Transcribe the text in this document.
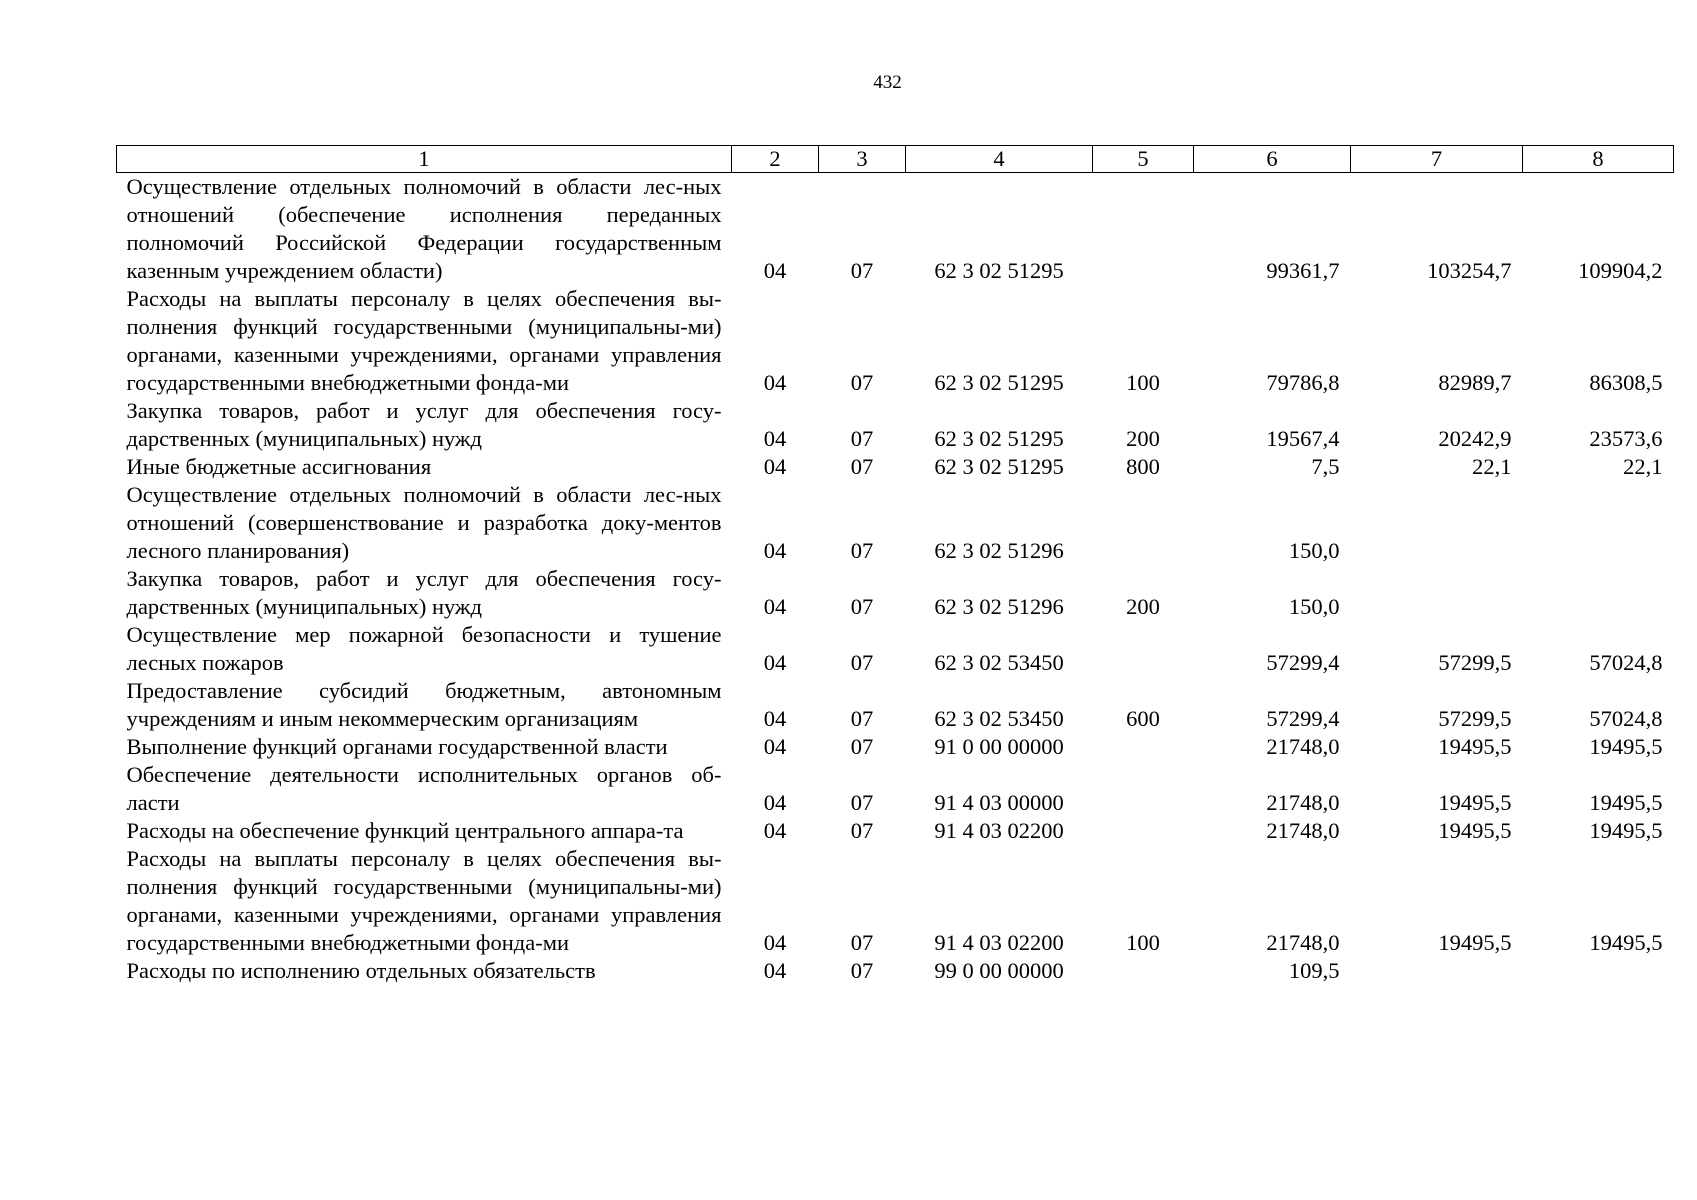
432
1	2	3	4	5	6	7	8
Осуществление отдельных полномочий в области лес-ных отношений (обеспечение исполнения переданных полномочий Российской Федерации государственным казенным учреждением области)	04	07	62 3 02 51295		99361,7	103254,7	109904,2
Расходы на выплаты персоналу в целях обеспечения вы-полнения функций государственными (муниципальны-ми) органами, казенными учреждениями, органами управления государственными внебюджетными фонда-ми	04	07	62 3 02 51295	100	79786,8	82989,7	86308,5
Закупка товаров, работ и услуг для обеспечения госу-дарственных (муниципальных) нужд	04	07	62 3 02 51295	200	19567,4	20242,9	23573,6
Иные бюджетные ассигнования	04	07	62 3 02 51295	800	7,5	22,1	22,1
Осуществление отдельных полномочий в области лес-ных отношений (совершенствование и разработка доку-ментов лесного планирования)	04	07	62 3 02 51296		150,0		
Закупка товаров, работ и услуг для обеспечения госу-дарственных (муниципальных) нужд	04	07	62 3 02 51296	200	150,0		
Осуществление мер пожарной безопасности и тушение лесных пожаров	04	07	62 3 02 53450		57299,4	57299,5	57024,8
Предоставление субсидий бюджетным, автономным учреждениям и иным некоммерческим организациям	04	07	62 3 02 53450	600	57299,4	57299,5	57024,8
Выполнение функций органами государственной власти	04	07	91 0 00 00000		21748,0	19495,5	19495,5
Обеспечение деятельности исполнительных органов об-ласти	04	07	91 4 03 00000		21748,0	19495,5	19495,5
Расходы на обеспечение функций центрального аппара-та	04	07	91 4 03 02200		21748,0	19495,5	19495,5
Расходы на выплаты персоналу в целях обеспечения вы-полнения функций государственными (муниципальны-ми) органами, казенными учреждениями, органами управления государственными внебюджетными фонда-ми	04	07	91 4 03 02200	100	21748,0	19495,5	19495,5
Расходы по исполнению отдельных обязательств	04	07	99 0 00 00000		109,5		
